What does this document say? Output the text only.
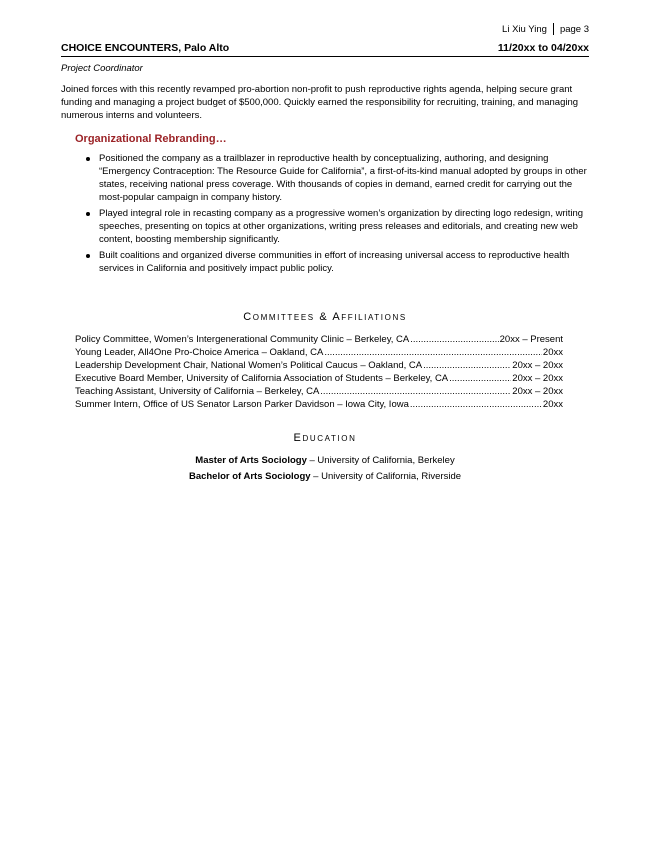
Li Xiu Ying page 3
CHOICE ENCOUNTERS, Palo Alto	11/20xx to 04/20xx
Project Coordinator

Joined forces with this recently revamped pro-abortion non-profit to push reproductive rights agenda, helping secure grant funding and managing a project budget of $500,000. Quickly earned the responsibility for recruiting, training, and managing numerous interns and volunteers.

Organizational Rebranding…
Positioned the company as a trailblazer in reproductive health by conceptualizing, authoring, and designing “Emergency Contraception: The Resource Guide for California”, a first-of-its-kind manual adopted by groups in other states, receiving national press coverage. With thousands of copies in demand, earned credit for carrying out the most-popular campaign in company history.
Played integral role in recasting company as a progressive women’s organization by directing logo redesign, writing speeches, presenting on topics at other organizations, writing press releases and editorials, and creating new web content, boosting membership significantly.
Built coalitions and organized diverse communities in effort of increasing universal access to reproductive health services in California and positively impact public policy.
Committees & Affiliations
Policy Committee, Women’s Intergenerational Community Clinic – Berkeley, CA .....	20xx – Present
Young Leader, All4One Pro-Choice America – Oakland, CA .....	20xx
Leadership Development Chair, National Women’s Political Caucus – Oakland, CA .....	20xx – 20xx
Executive Board Member, University of California Association of Students – Berkeley, CA .....	20xx – 20xx
Teaching Assistant, University of California – Berkeley, CA .....	20xx – 20xx
Summer Intern, Office of US Senator Larson Parker Davidson – Iowa City, Iowa .....	20xx
Education
Master of Arts Sociology – University of California, Berkeley
Bachelor of Arts Sociology – University of California, Riverside
